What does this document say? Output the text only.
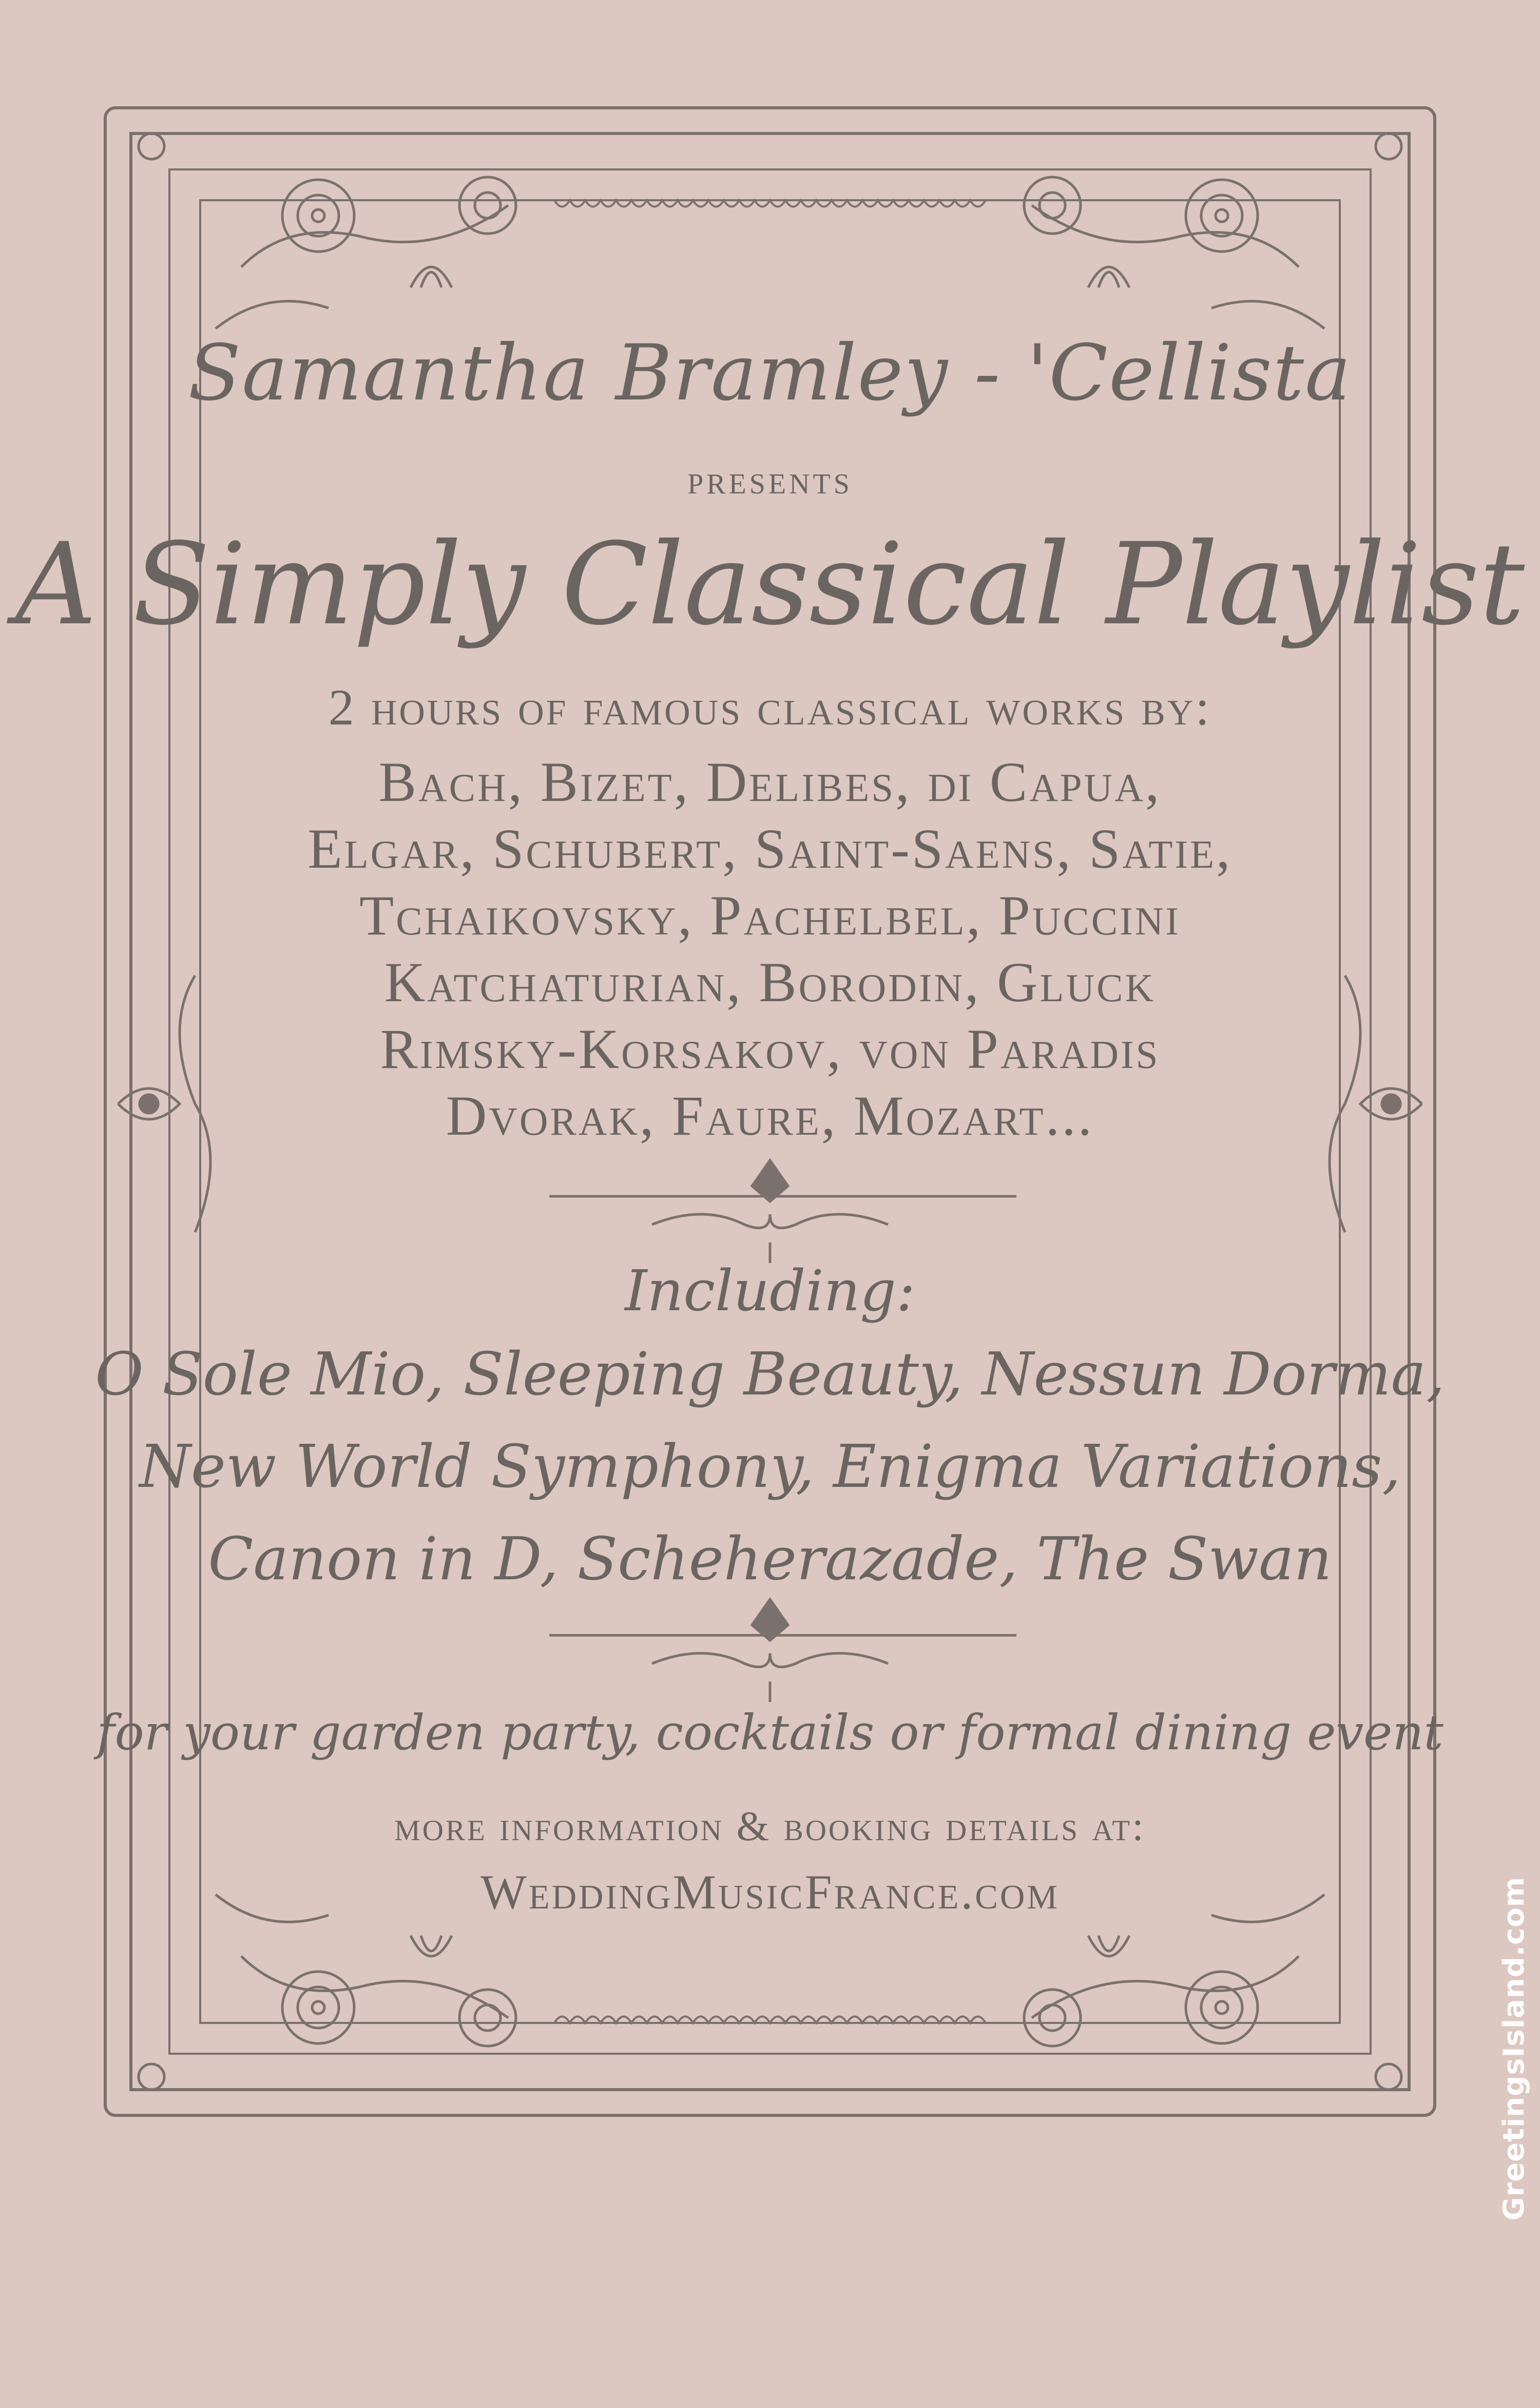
Samantha Bramley - 'Cellista
presents
A Simply Classical Playlist
2 hours of famous classical works by:
Bach, Bizet, Delibes, di Capua,
Elgar, Schubert, Saint-Saens, Satie,
Tchaikovsky, Pachelbel, Puccini
Katchaturian, Borodin, Gluck
Rimsky-Korsakov, von Paradis
Dvorak, Faure, Mozart...
Including:
O Sole Mio, Sleeping Beauty, Nessun Dorma,
New World Symphony, Enigma Variations,
Canon in D, Scheherazade, The Swan
for your garden party, cocktails or formal dining event
more information & booking details at:
WeddingMusicFrance.com	GreetingsIsland.com
